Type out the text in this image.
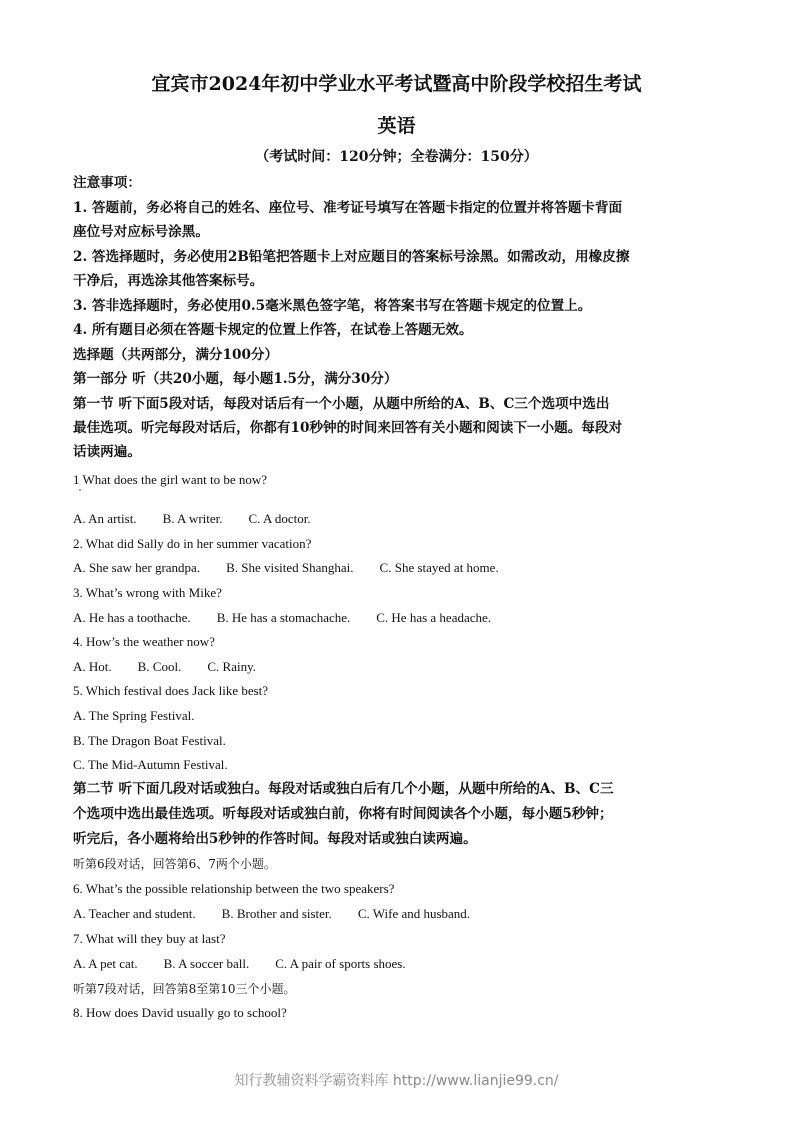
宜宾市2024年初中学业水平考试暨高中阶段学校招生考试
英语
（考试时间：120分钟；全卷满分：150分）
注意事项：
1. 答题前，务必将自己的姓名、座位号、准考证号填写在答题卡指定的位置并将答题卡背面
座位号对应标号涂黑。
2. 答选择题时，务必使用2B铅笔把答题卡上对应题目的答案标号涂黑。如需改动，用橡皮擦
干净后，再选涂其他答案标号。
3. 答非选择题时，务必使用0.5毫米黑色签字笔，将答案书写在答题卡规定的位置上。
4. 所有题目必须在答题卡规定的位置上作答，在试卷上答题无效。
选择题（共两部分，满分100分）
第一部分 听（共20小题，每小题1.5分，满分30分）
第一节 听下面5段对话，每段对话后有一个小题，从题中所给的A、B、C三个选项中选出
最佳选项。听完每段对话后，你都有10秒钟的时间来回答有关小题和阅读下一小题。每段对
话读两遍。
1 What does the girl want to be now?
A. An artist. B. A writer. C. A doctor.
2. What did Sally do in her summer vacation?
A. She saw her grandpa. B. She visited Shanghai. C. She stayed at home.
3. What’s wrong with Mike?
A. He has a toothache. B. He has a stomachache. C. He has a headache.
4. How’s the weather now?
A. Hot. B. Cool. C. Rainy.
5. Which festival does Jack like best?
A. The Spring Festival.
B. The Dragon Boat Festival.
C. The Mid-Autumn Festival.
第二节 听下面几段对话或独白。每段对话或独白后有几个小题，从题中所给的A、B、C三
个选项中选出最佳选项。听每段对话或独白前，你将有时间阅读各个小题，每小题5秒钟；
听完后，各小题将给出5秒钟的作答时间。每段对话或独白读两遍。
听第6段对话，回答第6、7两个小题。
6. What’s the possible relationship between the two speakers?
A. Teacher and student. B. Brother and sister. C. Wife and husband.
7. What will they buy at last?
A. A pet cat. B. A soccer ball. C. A pair of sports shoes.
听第7段对话，回答第8至第10三个小题。
8. How does David usually go to school?
知行教辅资料学霸资料库 http://www.lianjie99.cn/
